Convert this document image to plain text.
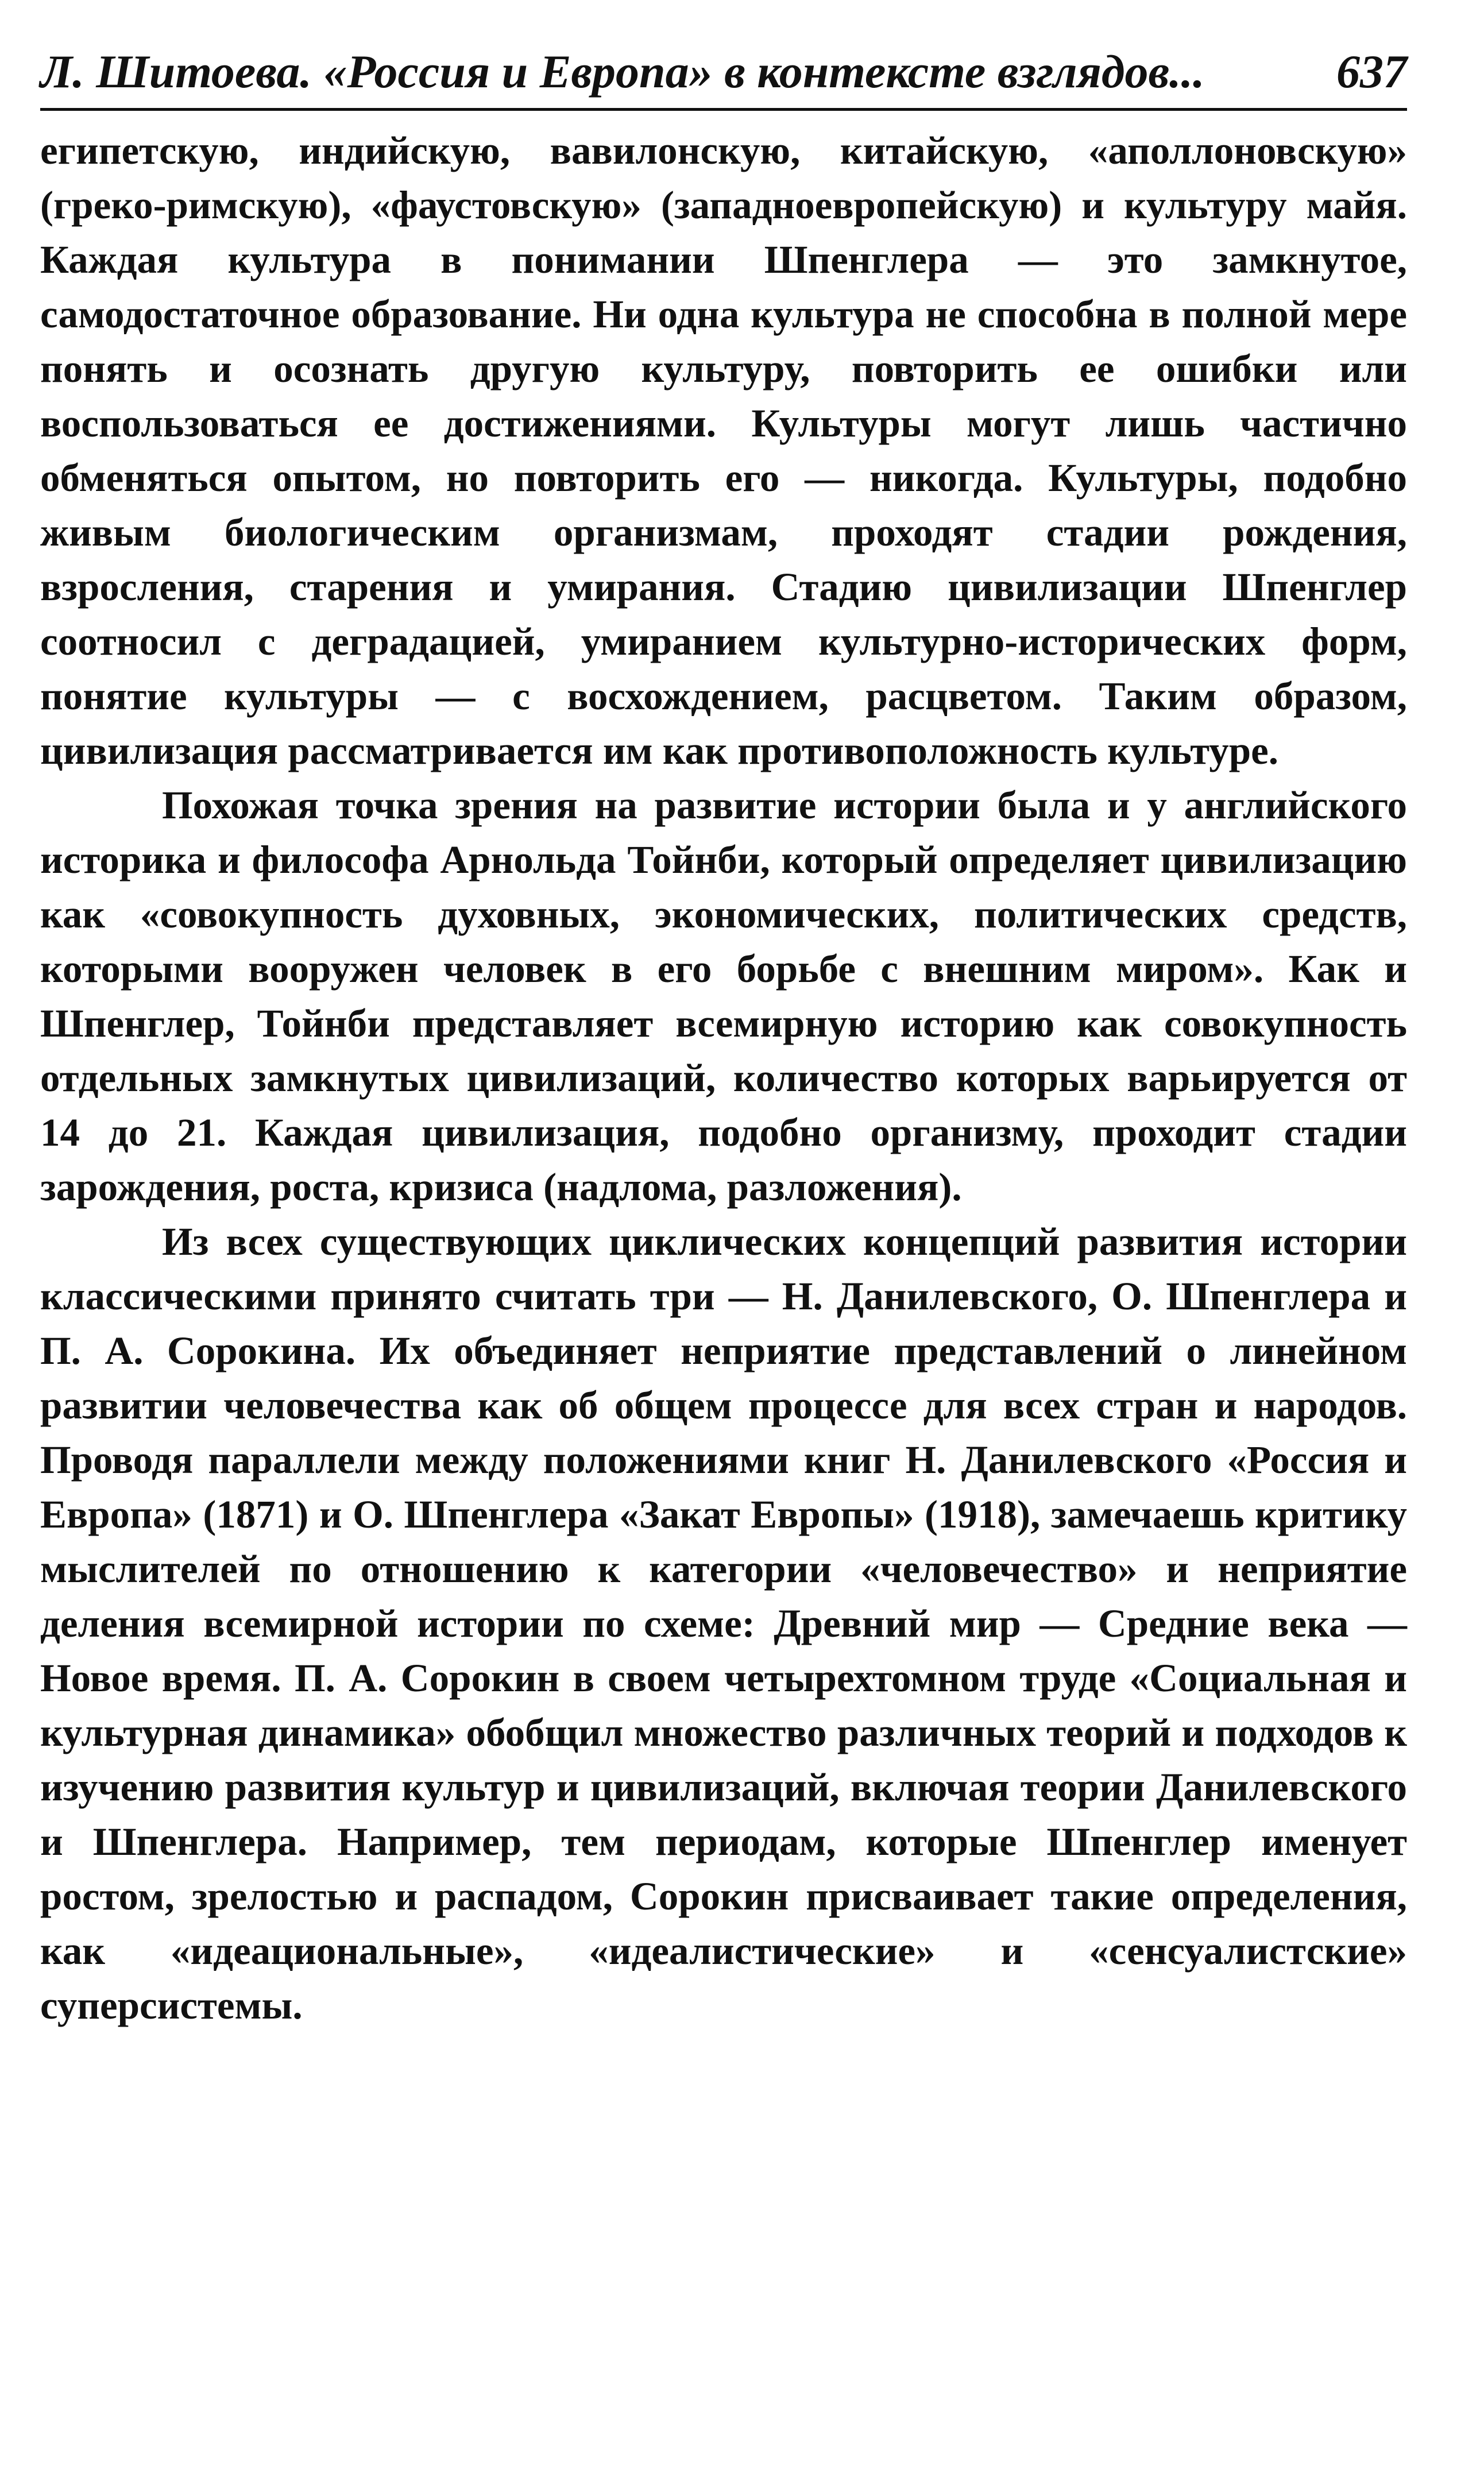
Л. Шитоева. «Россия и Европа» в контексте взглядов...	637

египетскую, индийскую, вавилонскую, китайскую, «аполлоновскую» (греко-римскую), «фаустовскую» (западноевропейскую) и культуру майя. Каждая культура в понимании Шпенглера — это замкнутое, самодостаточное образование. Ни одна культура не способна в полной мере понять и осознать другую культуру, повторить ее ошибки или воспользоваться ее достижениями. Культуры могут лишь частично обменяться опытом, но повторить его — никогда. Культуры, подобно живым биологическим организмам, проходят стадии рождения, взросления, старения и умирания. Стадию цивилизации Шпенглер соотносил с деградацией, умиранием культурно-исторических форм, понятие культуры — с восхождением, расцветом. Таким образом, цивилизация рассматривается им как противоположность культуре.

Похожая точка зрения на развитие истории была и у английского историка и философа Арнольда Тойнби, который определяет цивилизацию как «совокупность духовных, экономических, политических средств, которыми вооружен человек в его борьбе с внешним миром». Как и Шпенглер, Тойнби представляет всемирную историю как совокупность отдельных замкнутых цивилизаций, количество которых варьируется от 14 до 21. Каждая цивилизация, подобно организму, проходит стадии зарождения, роста, кризиса (надлома, разложения).

Из всех существующих циклических концепций развития истории классическими принято считать три — Н. Данилевского, О. Шпенглера и П. А. Сорокина. Их объединяет неприятие представлений о линейном развитии человечества как об общем процессе для всех стран и народов. Проводя параллели между положениями книг Н. Данилевского «Россия и Европа» (1871) и О. Шпенглера «Закат Европы» (1918), замечаешь критику мыслителей по отношению к категории «человечество» и неприятие деления всемирной истории по схеме: Древний мир — Средние века — Новое время. П. А. Сорокин в своем четырехтомном труде «Социальная и культурная динамика» обобщил множество различных теорий и подходов к изучению развития культур и цивилизаций, включая теории Данилевского и Шпенглера. Например, тем периодам, которые Шпенглер именует ростом, зрелостью и распадом, Сорокин присваивает такие определения, как «идеациональные», «идеалистические» и «сенсуалистские» суперсистемы.
